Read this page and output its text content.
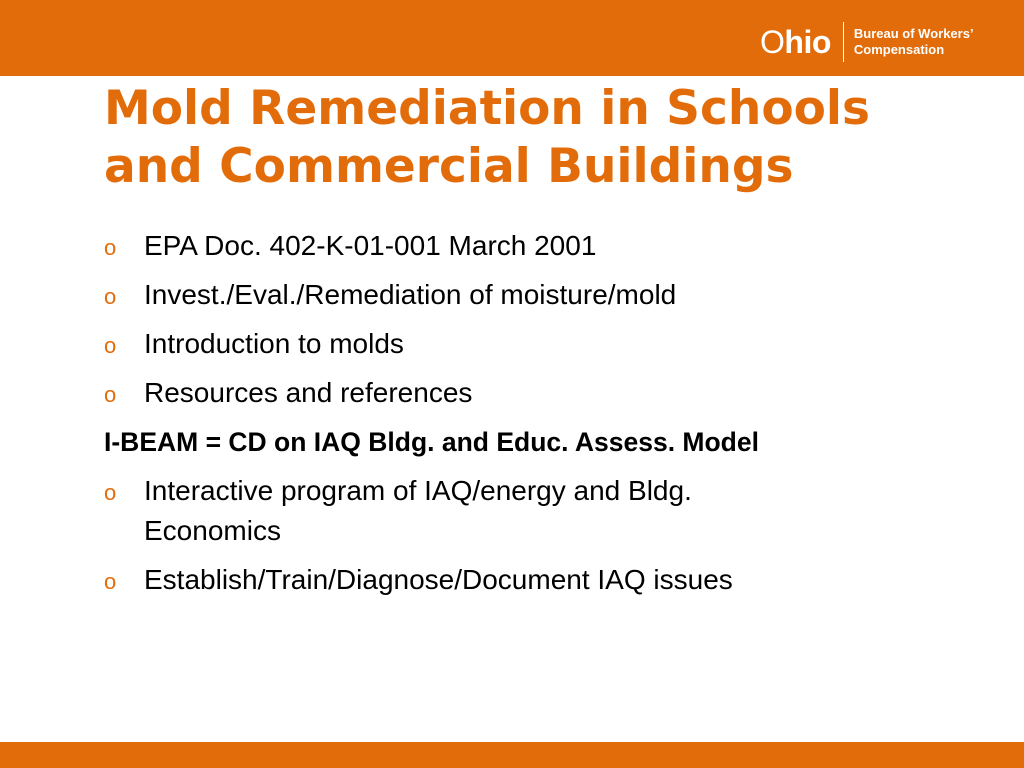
Ohio Bureau of Workers’
Compensation
Mold Remediation in Schools
and Commercial Buildings
o EPA Doc. 402-K-01-001 March 2001
o Invest./Eval./Remediation of moisture/mold
o Introduction to molds
o Resources and references
I-BEAM = CD on IAQ Bldg. and Educ. Assess. Model
o Interactive program of IAQ/energy and Bldg.
Economics
o Establish/Train/Diagnose/Document IAQ issues
